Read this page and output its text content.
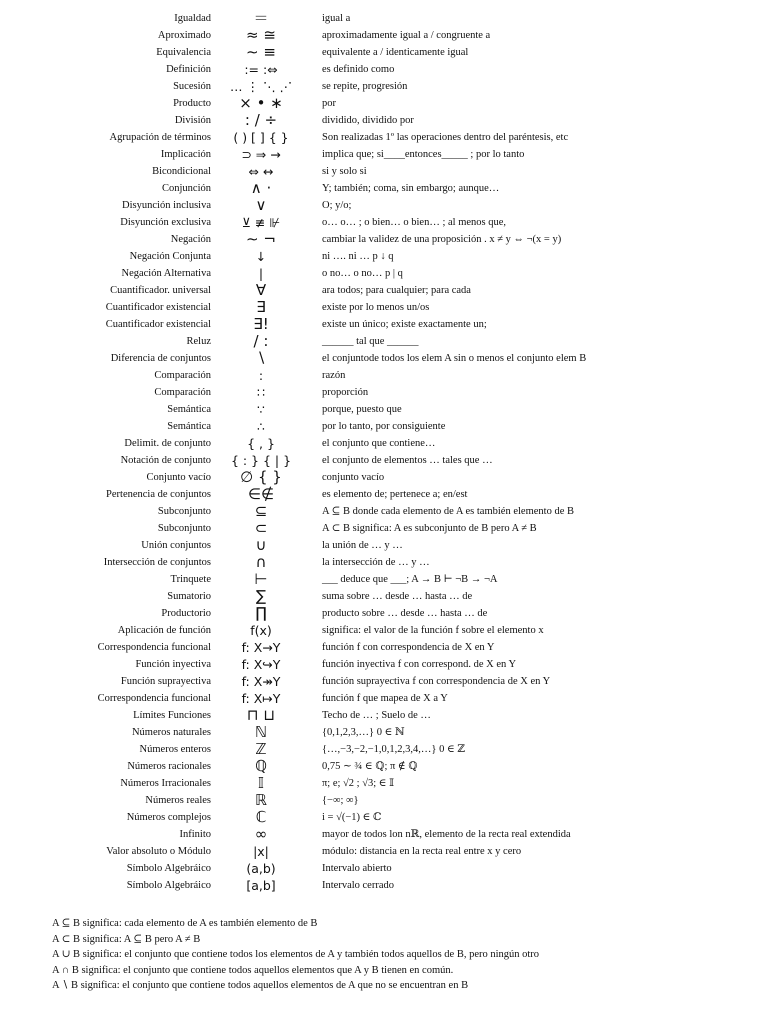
Igualdad	＝	igual a
Aproximado	≈ ≅	aproximadamente igual a / congruente a
Equivalencia	∼ ≡	equivalente a / identicamente igual
Definición	:= :⇔	es definido como
Sucesión	… ⋮ ⋱ ⋰	se repite, progresión
Producto	× • ∗	por
División	: / ÷	dividido, dividido por
Agrupación de términos	( ) [ ] { }	Son realizadas 1º las operaciones dentro del paréntesis, etc
Implicación	⊃ ⇒ →	implica que; si____entonces_____ ; por lo tanto
Bicondicional	⇔ ↔	si y solo si
Conjunción	∧ ·	Y; también; coma, sin embargo; aunque…
Disyunción inclusiva	∨	O; y/o;
Disyunción exclusiva	⊻ ≢ ⊮	o… o… ; o bien… o bien… ; al menos que,
Negación	∼ ¬	cambiar la validez de una proposición . x ≠ y ⇔ ¬(x = y)
Negación Conjunta	↓	ni …. ni … p ↓ q
Negación Alternativa	|	o no… o no… p | q
Cuantificador. universal	∀	ara todos; para cualquier; para cada
Cuantificador existencial	∃	existe por lo menos un/os
Cuantificador existencial	∃!	existe un único; existe exactamente un;
Reluz	/ :	______ tal que ______
Diferencia de conjuntos	∖	el conjuntode todos los elem A sin o menos el conjunto elem B
Comparación	:	razón
Comparación	∷	proporción
Semántica	∵	porque, puesto que
Semántica	∴	por lo tanto, por consiguiente
Delimit. de conjunto	{ , }	el conjunto que contiene…
Notación de conjunto	{ : } { | }	el conjunto de elementos … tales que …
Conjunto vacío	∅ { }	conjunto vacío
Pertenencia de conjuntos	∈∉	es elemento de; pertenece a; en/est
Subconjunto	⊆	A ⊆ B donde cada elemento de A es también elemento de B
Subconjunto	⊂	A ⊂ B significa: A es subconjunto de B pero A ≠ B
Unión conjuntos	∪	la unión de … y …
Intersección de conjuntos	∩	la intersección de … y …
Trinquete	⊢	___ deduce que ___; A → B ⊢ ¬B → ¬A
Sumatorio	∑	suma sobre … desde … hasta … de
Productorio	∏	producto sobre … desde … hasta … de
Aplicación de función	f(x)	significa: el valor de la función f sobre el elemento x
Correspondencia funcional	f: X→Y	función f con correspondencia de X en Y
Función inyectiva	f: X↪Y	función inyectiva f con correspond. de X en Y
Función suprayectiva	f: X↠Y	función suprayectiva f con correspondencia de X en Y
Correspondencia funcional	f: X↦Y	función f que mapea de X a Y
Límites Funciones	⊓ ⊔	Techo de … ; Suelo de …
Números naturales	ℕ	{0,1,2,3,…} 0 ∈ ℕ
Números enteros	ℤ	{…,−3,−2,−1,0,1,2,3,4,…} 0 ∈ ℤ
Números racionales	ℚ	0,75 ∼ ¾ ∈ ℚ; π ∉ ℚ
Números Irracionales	𝕀	π; e; √2 ; √3; ∈ 𝕀
Números reales	ℝ	{−∞; ∞}
Números complejos	ℂ	i = √(−1) ∈ ℂ
Infinito	∞	mayor de todos lon nℝ, elemento de la recta real extendida
Valor absoluto o Módulo	|x|	módulo: distancia en la recta real entre x y cero
Símbolo Algebráico	(a,b)	Intervalo abierto
Símbolo Algebráico	[a,b]	Intervalo cerrado
A ⊆ B significa: cada elemento de A es también elemento de B
A ⊂ B significa: A ⊆ B pero A ≠ B
A ∪ B significa: el conjunto que contiene todos los elementos de A y también todos aquellos de B, pero ningún otro
A ∩ B significa: el conjunto que contiene todos aquellos elementos que A y B tienen en común.
A ∖ B significa: el conjunto que contiene todos aquellos elementos de A que no se encuentran en B
